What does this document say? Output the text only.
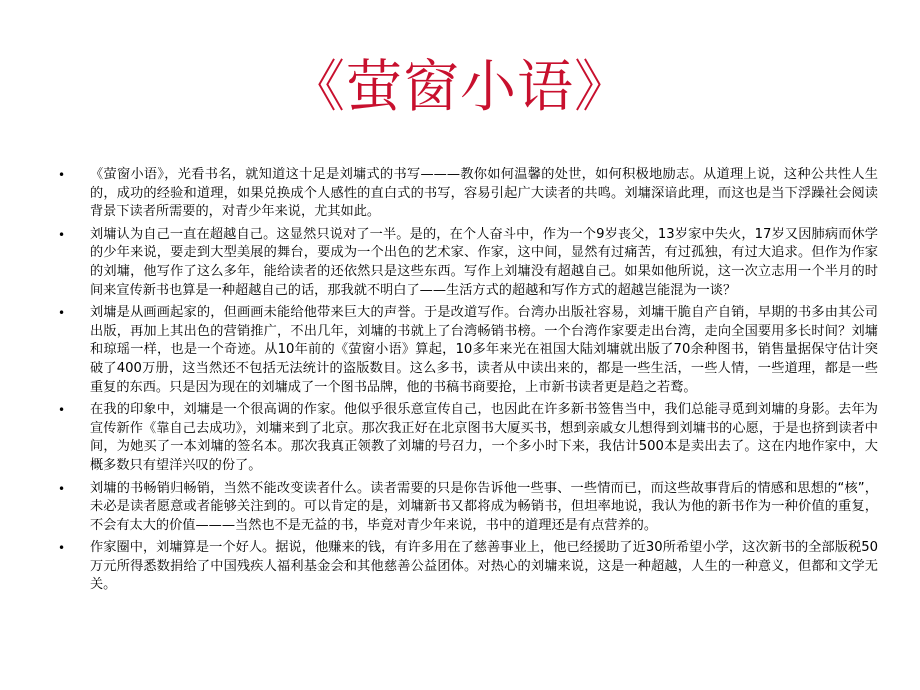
《萤窗小语》
• 《萤窗小语》，光看书名，就知道这十足是刘墉式的书写———教你如何温馨的处世，如何积极地励志。从道理上说，这种公共性人生的，成功的经验和道理，如果兑换成个人感性的直白式的书写，容易引起广大读者的共鸣。刘墉深谙此理，而这也是当下浮躁社会阅读背景下读者所需要的，对青少年来说，尤其如此。
• 刘墉认为自己一直在超越自己。这显然只说对了一半。是的，在个人奋斗中，作为一个9岁丧父，13岁家中失火，17岁又因肺病而休学的少年来说，要走到大型美展的舞台，要成为一个出色的艺术家、作家，这中间，显然有过痛苦，有过孤独，有过大追求。但作为作家的刘墉，他写作了这么多年，能给读者的还依然只是这些东西。写作上刘墉没有超越自己。如果如他所说，这一次立志用一个半月的时间来宣传新书也算是一种超越自己的话，那我就不明白了——生活方式的超越和写作方式的超越岂能混为一谈？
• 刘墉是从画画起家的，但画画未能给他带来巨大的声誉。于是改道写作。台湾办出版社容易，刘墉干脆自产自销，早期的书多由其公司出版，再加上其出色的营销推广，不出几年，刘墉的书就上了台湾畅销书榜。一个台湾作家要走出台湾，走向全国要用多长时间？刘墉和琼瑶一样，也是一个奇迹。从10年前的《萤窗小语》算起，10多年来光在祖国大陆刘墉就出版了70余种图书，销售量据保守估计突破了400万册，这当然还不包括无法统计的盗版数目。这么多书，读者从中读出来的，都是一些生活，一些人情，一些道理，都是一些重复的东西。只是因为现在的刘墉成了一个图书品牌，他的书稿书商要抢，上市新书读者更是趋之若鹜。
• 在我的印象中，刘墉是一个很高调的作家。他似乎很乐意宣传自己，也因此在许多新书签售当中，我们总能寻觅到刘墉的身影。去年为宣传新作《靠自己去成功》，刘墉来到了北京。那次我正好在北京图书大厦买书，想到亲戚女儿想得到刘墉书的心愿，于是也挤到读者中间，为她买了一本刘墉的签名本。那次我真正领教了刘墉的号召力，一个多小时下来，我估计500本是卖出去了。这在内地作家中，大概多数只有望洋兴叹的份了。
• 刘墉的书畅销归畅销，当然不能改变读者什么。读者需要的只是你告诉他一些事、一些情而已，而这些故事背后的情感和思想的“核”，未必是读者愿意或者能够关注到的。可以肯定的是，刘墉新书又都将成为畅销书，但坦率地说，我认为他的新书作为一种价值的重复，不会有太大的价值———当然也不是无益的书，毕竟对青少年来说，书中的道理还是有点营养的。
• 作家圈中，刘墉算是一个好人。据说，他赚来的钱，有许多用在了慈善事业上，他已经援助了近30所希望小学，这次新书的全部版税50万元所得悉数捐给了中国残疾人福利基金会和其他慈善公益团体。对热心的刘墉来说，这是一种超越，人生的一种意义，但都和文学无关。
